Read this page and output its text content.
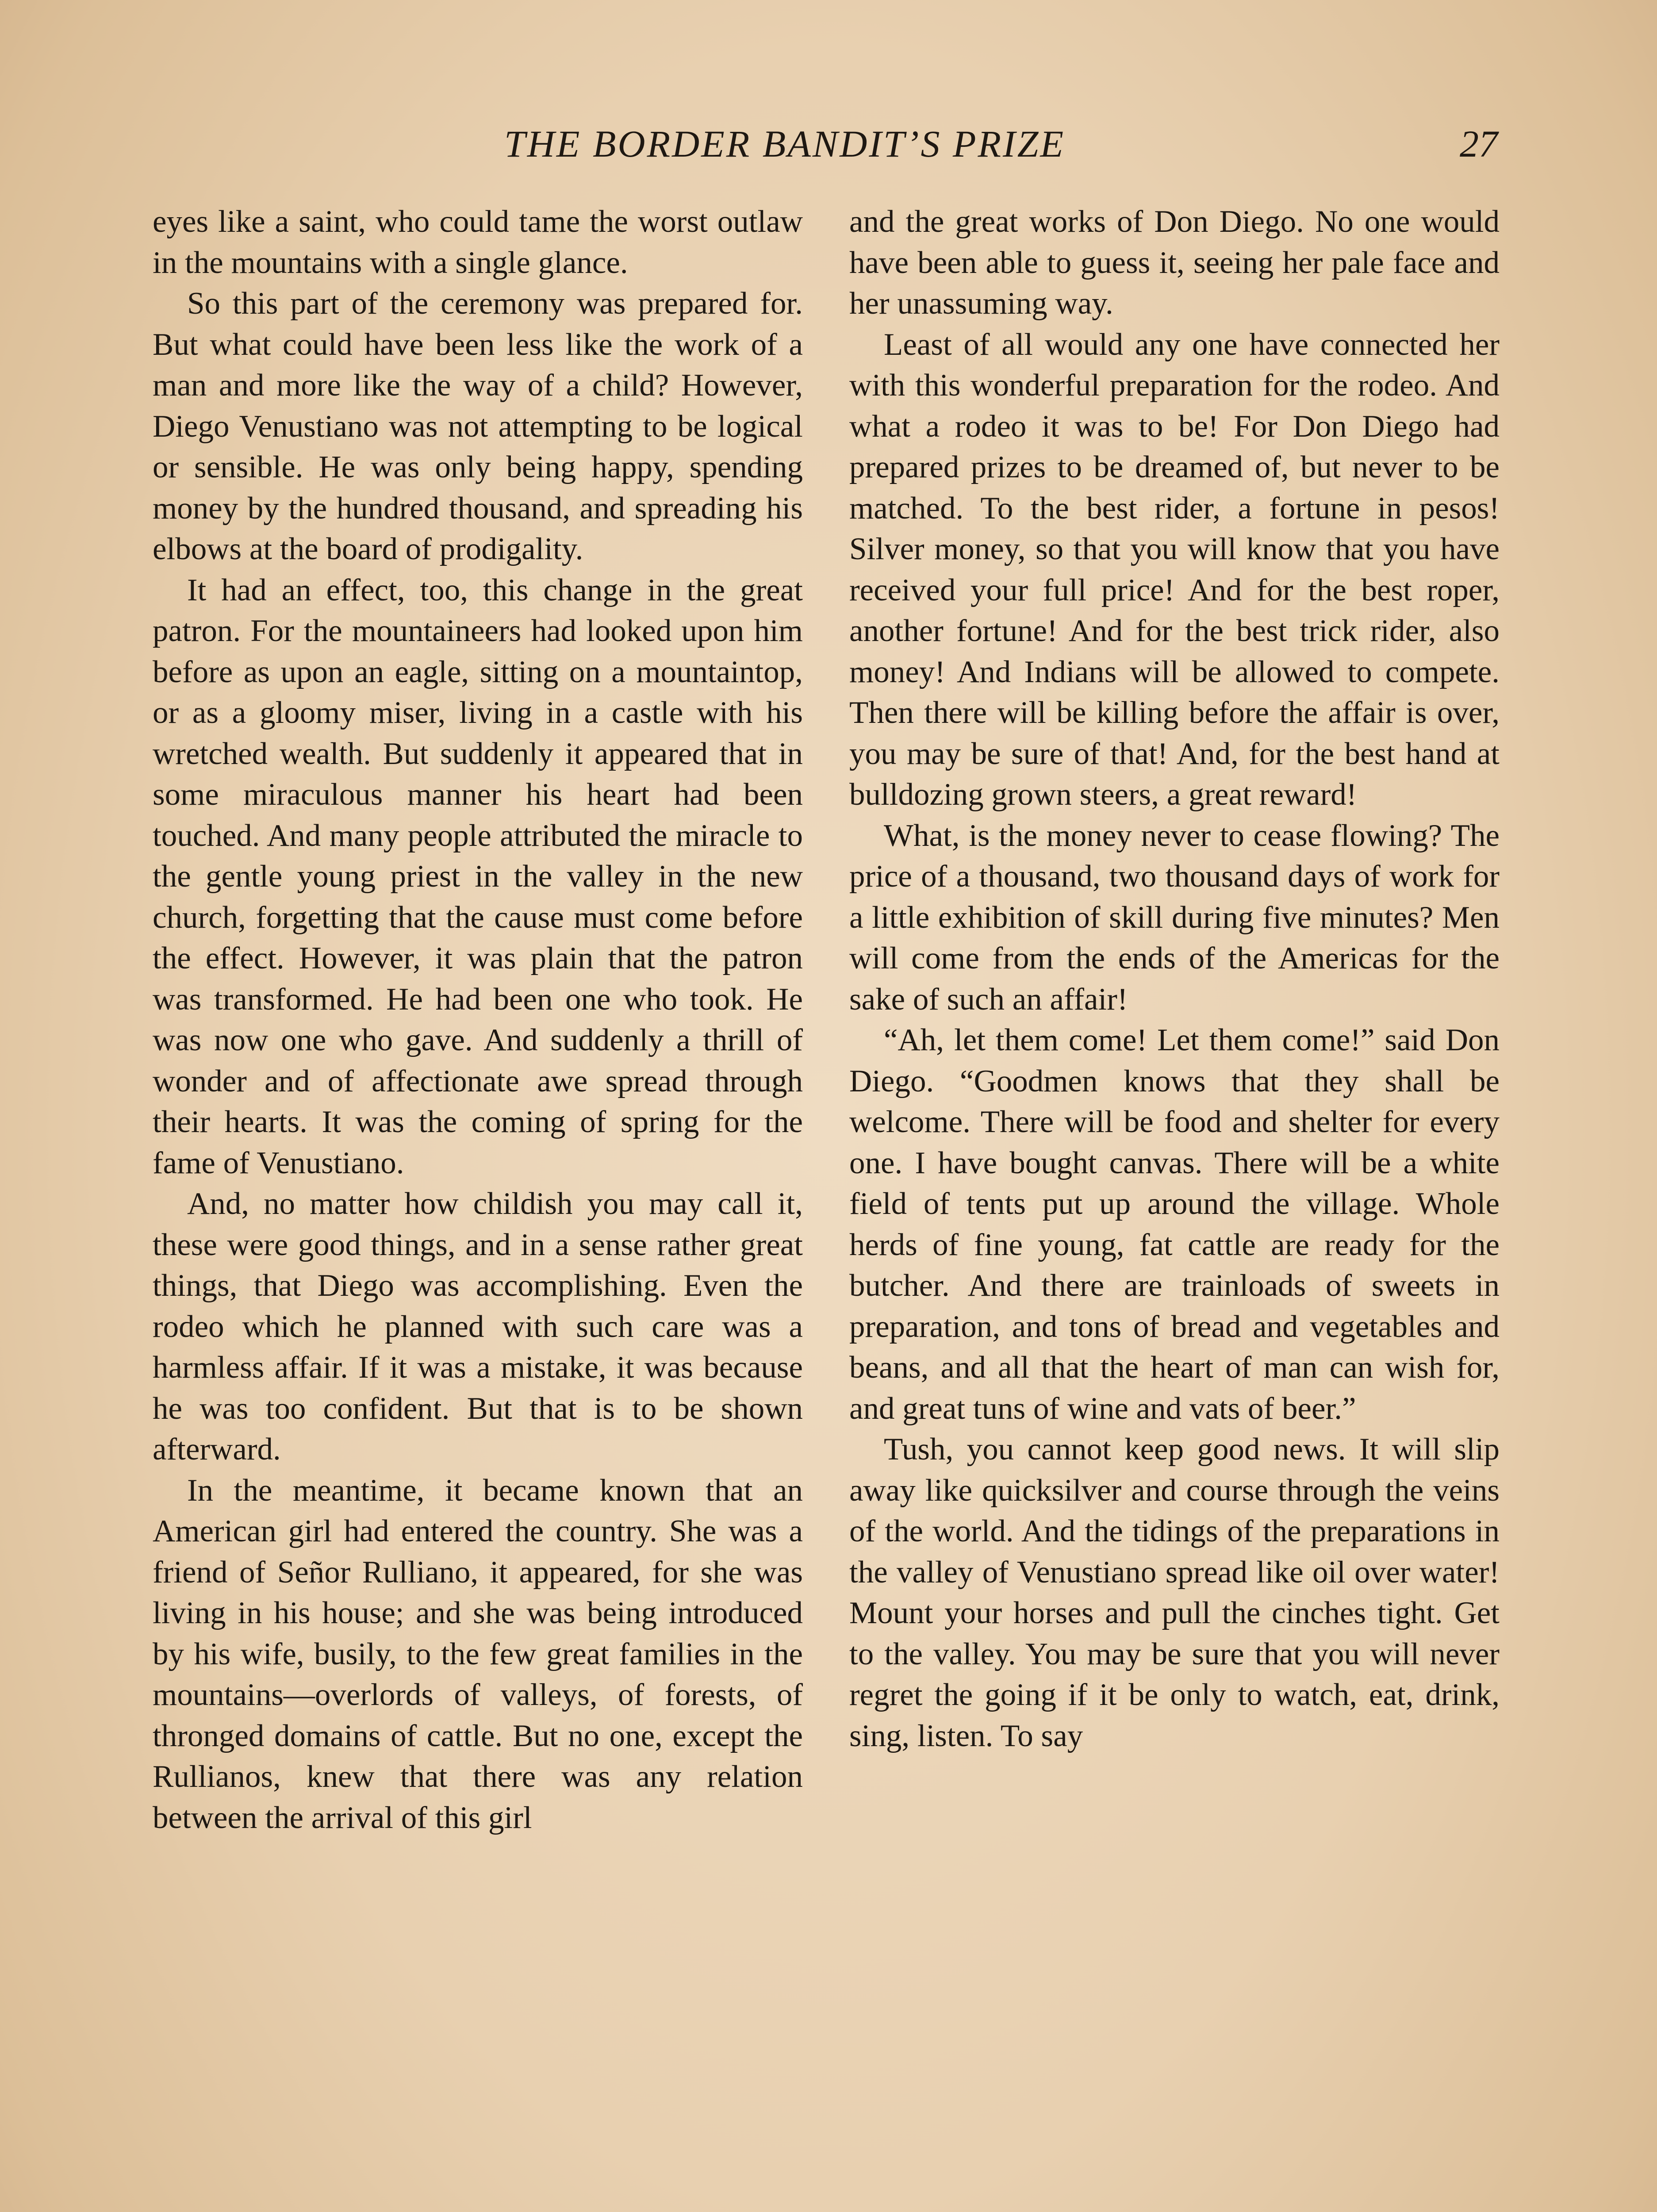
THE BORDER BANDIT’S PRIZE	27

eyes like a saint, who could tame the worst outlaw in the mountains with a single glance.

So this part of the ceremony was prepared for. But what could have been less like the work of a man and more like the way of a child? However, Diego Venustiano was not attempting to be logical or sensible. He was only being happy, spending money by the hundred thousand, and spreading his elbows at the board of prodigality.

It had an effect, too, this change in the great patron. For the mountaineers had looked upon him before as upon an eagle, sitting on a mountaintop, or as a gloomy miser, living in a castle with his wretched wealth. But suddenly it appeared that in some miraculous manner his heart had been touched. And many people attributed the miracle to the gentle young priest in the valley in the new church, forgetting that the cause must come before the effect. However, it was plain that the patron was transformed. He had been one who took. He was now one who gave. And suddenly a thrill of wonder and of affectionate awe spread through their hearts. It was the coming of spring for the fame of Venustiano.

And, no matter how childish you may call it, these were good things, and in a sense rather great things, that Diego was accomplishing. Even the rodeo which he planned with such care was a harmless affair. If it was a mistake, it was because he was too confident. But that is to be shown afterward.

In the meantime, it became known that an American girl had entered the country. She was a friend of Señor Rulliano, it appeared, for she was living in his house; and she was being introduced by his wife, busily, to the few great families in the mountains—overlords of valleys, of forests, of thronged domains of cattle. But no one, except the Rullianos, knew that there was any relation between the arrival of this girl

and the great works of Don Diego. No one would have been able to guess it, seeing her pale face and her unassuming way.

Least of all would any one have connected her with this wonderful preparation for the rodeo. And what a rodeo it was to be! For Don Diego had prepared prizes to be dreamed of, but never to be matched. To the best rider, a fortune in pesos! Silver money, so that you will know that you have received your full price! And for the best roper, another fortune! And for the best trick rider, also money! And Indians will be allowed to compete. Then there will be killing before the affair is over, you may be sure of that! And, for the best hand at bulldozing grown steers, a great reward!

What, is the money never to cease flowing? The price of a thousand, two thousand days of work for a little exhibition of skill during five minutes? Men will come from the ends of the Americas for the sake of such an affair!

“Ah, let them come! Let them come!” said Don Diego. “Goodmen knows that they shall be welcome. There will be food and shelter for every one. I have bought canvas. There will be a white field of tents put up around the village. Whole herds of fine young, fat cattle are ready for the butcher. And there are trainloads of sweets in preparation, and tons of bread and vegetables and beans, and all that the heart of man can wish for, and great tuns of wine and vats of beer.”

Tush, you cannot keep good news. It will slip away like quicksilver and course through the veins of the world. And the tidings of the preparations in the valley of Venustiano spread like oil over water! Mount your horses and pull the cinches tight. Get to the valley. You may be sure that you will never regret the going if it be only to watch, eat, drink, sing, listen. To say
